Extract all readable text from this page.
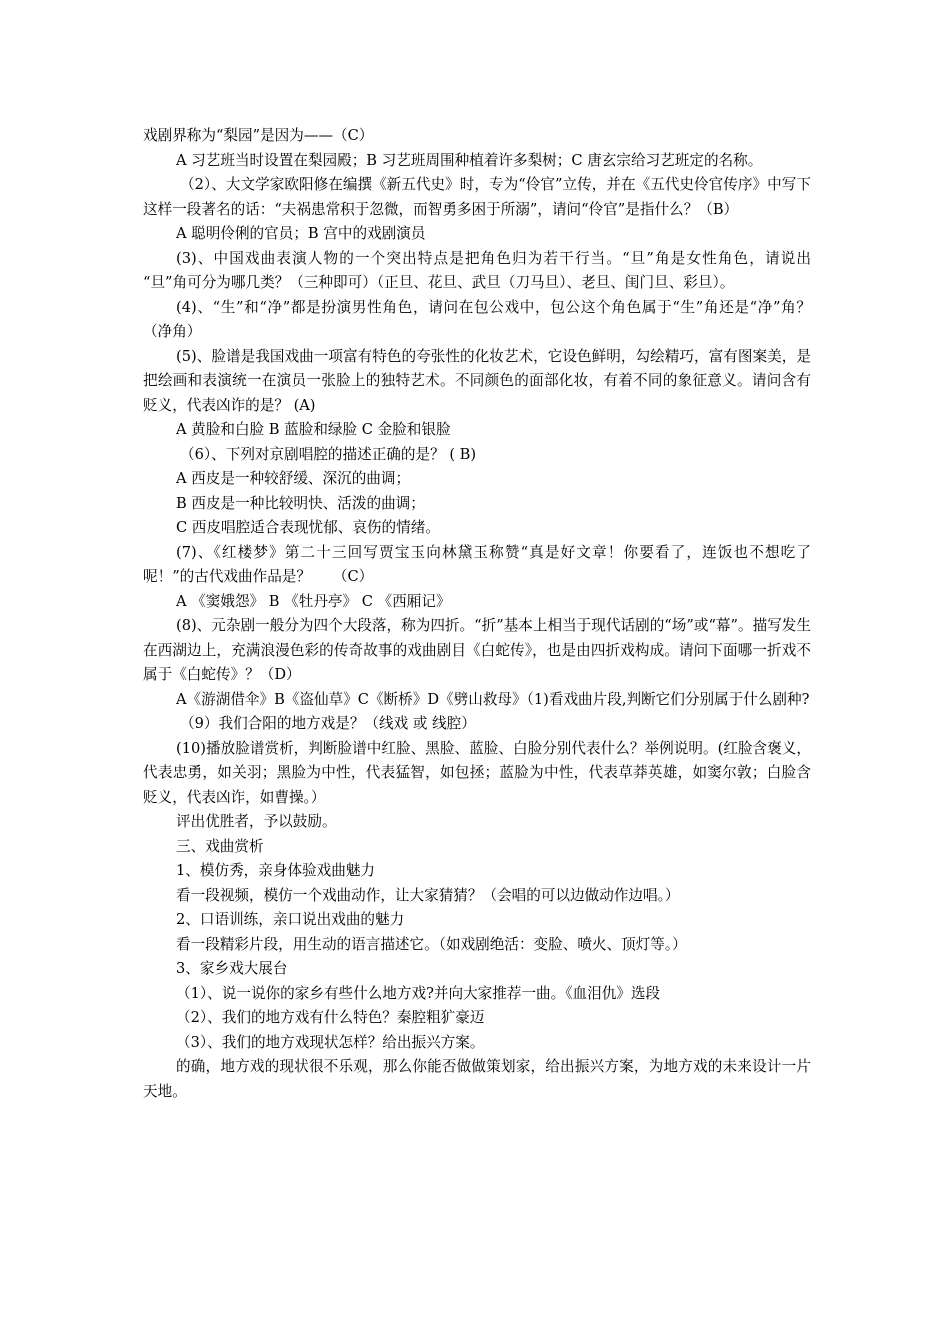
戏剧界称为“梨园”是因为——（C）

A 习艺班当时设置在梨园殿；B 习艺班周围种植着许多梨树；C 唐玄宗给习艺班定的名称。

（2）、大文学家欧阳修在编撰《新五代史》时，专为“伶官”立传，并在《五代史伶官传序》中写下这样一段著名的话：“夫祸患常积于忽微，而智勇多困于所溺”，请问“伶官”是指什么？（B）

A 聪明伶俐的官员；B 宫中的戏剧演员

(3)、中国戏曲表演人物的一个突出特点是把角色归为若干行当。“旦”角是女性角色，请说出 “旦”角可分为哪几类？（三种即可）（正旦、花旦、武旦（刀马旦）、老旦、闺门旦、彩旦）。

(4)、“生”和“净”都是扮演男性角色，请问在包公戏中，包公这个角色属于“生”角还是“净”角？　　　　（净角）

(5)、脸谱是我国戏曲一项富有特色的夸张性的化妆艺术，它设色鲜明，勾绘精巧，富有图案美，是把绘画和表演统一在演员一张脸上的独特艺术。不同颜色的面部化妆，有着不同的象征意义。请问含有贬义，代表凶诈的是？ (A)

A 黄脸和白脸 B 蓝脸和绿脸 C 金脸和银脸

（6）、下列对京剧唱腔的描述正确的是？ ( B)

A 西皮是一种较舒缓、深沉的曲调；

B 西皮是一种比较明快、活泼的曲调；

C 西皮唱腔适合表现忧郁、哀伤的情绪。

(7)、《红楼梦》第二十三回写贾宝玉向林黛玉称赞“真是好文章！你要看了，连饭也不想吃了呢！”的古代戏曲作品是？　　（C）

A 《窦娥怨》 B 《牡丹亭》 C 《西厢记》

(8)、元杂剧一般分为四个大段落，称为四折。“折”基本上相当于现代话剧的“场”或“幕”。描写发生在西湖边上，充满浪漫色彩的传奇故事的戏曲剧目《白蛇传》，也是由四折戏构成。请问下面哪一折戏不属于《白蛇传》？（D）

A《游湖借伞》B《盗仙草》C《断桥》D《劈山救母》（1)看戏曲片段,判断它们分别属于什么剧种?

（9）我们合阳的地方戏是？（线戏 或 线腔）

(10)播放脸谱赏析，判断脸谱中红脸、黑脸、蓝脸、白脸分别代表什么？举例说明。(红脸含褒义，代表忠勇，如关羽；黑脸为中性，代表猛智，如包拯；蓝脸为中性，代表草莽英雄，如窦尔敦；白脸含贬义，代表凶诈，如曹操。）

评出优胜者，予以鼓励。

三、戏曲赏析

1、模仿秀，亲身体验戏曲魅力

看一段视频，模仿一个戏曲动作，让大家猜猜？（会唱的可以边做动作边唱。）

2、口语训练，亲口说出戏曲的魅力

看一段精彩片段，用生动的语言描述它。（如戏剧绝活：变脸、喷火、顶灯等。）

3、家乡戏大展台

（1）、说一说你的家乡有些什么地方戏?并向大家推荐一曲。《血泪仇》选段

（2）、我们的地方戏有什么特色？秦腔粗犷豪迈

（3）、我们的地方戏现状怎样？给出振兴方案。

的确，地方戏的现状很不乐观，那么你能否做做策划家，给出振兴方案，为地方戏的未来设计一片天地。
